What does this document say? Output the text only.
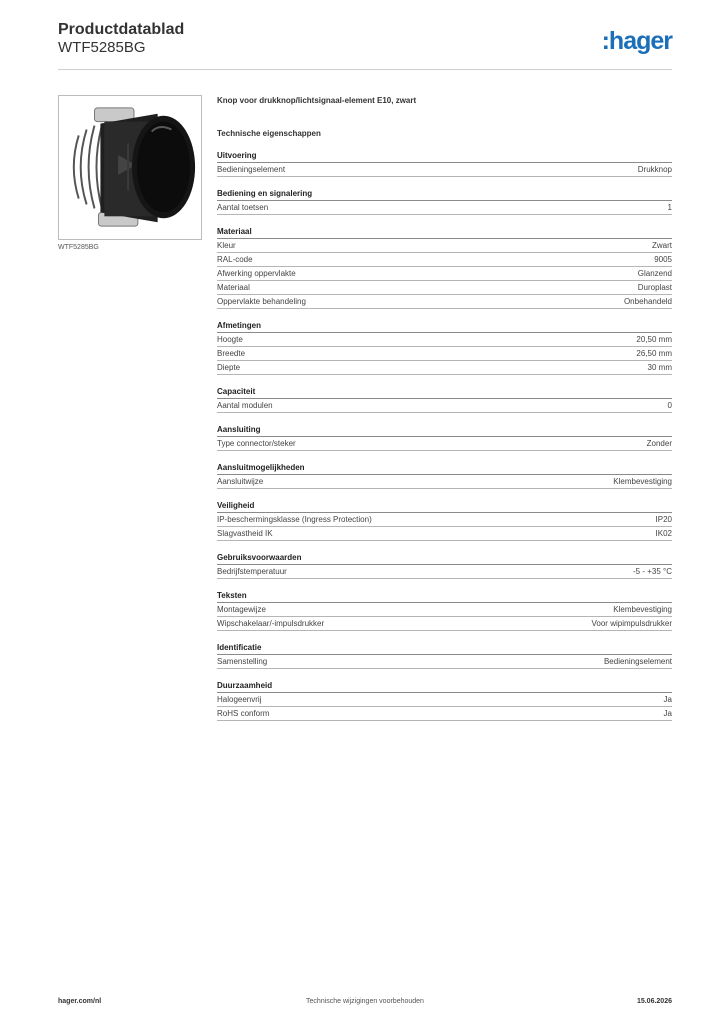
Productdatablad
WTF5285BG	:hager
WTF5285BG
Knop voor drukknop/lichtsignaal-element E10, zwart
Technische eigenschappen
Uitvoering
Bedieningselement	Drukknop
Bediening en signalering
Aantal toetsen	1
Materiaal
Kleur	Zwart
RAL-code	9005
Afwerking oppervlakte	Glanzend
Materiaal	Duroplast
Oppervlakte behandeling	Onbehandeld
Afmetingen
Hoogte	20,50 mm
Breedte	26,50 mm
Diepte	30 mm
Capaciteit
Aantal modulen	0
Aansluiting
Type connector/steker	Zonder
Aansluitmogelijkheden
Aansluitwijze	Klembevestiging
Veiligheid
IP-beschermingsklasse (Ingress Protection)	IP20
Slagvastheid IK	IK02
Gebruiksvoorwaarden
Bedrijfstemperatuur	-5 - +35 °C
Teksten
Montagewijze	Klembevestiging
Wipschakelaar/-impulsdrukker	Voor wipimpulsdrukker
Identificatie
Samenstelling	Bedieningselement
Duurzaamheid
Halogeenvrij	Ja
RoHS conform	Ja
Technische wijzigingen voorbehouden
hager.com/nl	15.06.2026
